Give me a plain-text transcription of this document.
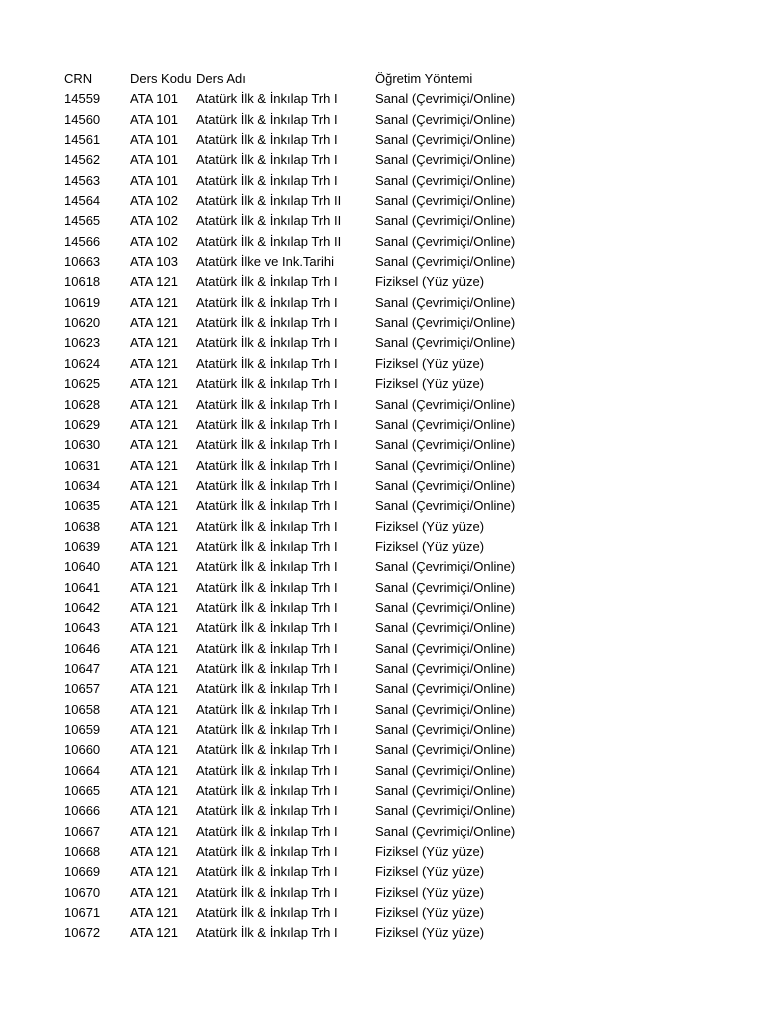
CRN	Ders Kodu Ders Adı	Öğretim Yöntemi
14559 ATA 101 Atatürk İlk & İnkılap Trh I	Sanal (Çevrimiçi/Online)
14560 ATA 101 Atatürk İlk & İnkılap Trh I	Sanal (Çevrimiçi/Online)
14561 ATA 101 Atatürk İlk & İnkılap Trh I	Sanal (Çevrimiçi/Online)
14562 ATA 101 Atatürk İlk & İnkılap Trh I	Sanal (Çevrimiçi/Online)
14563 ATA 101 Atatürk İlk & İnkılap Trh I	Sanal (Çevrimiçi/Online)
14564 ATA 102 Atatürk İlk & İnkılap Trh II	Sanal (Çevrimiçi/Online)
14565 ATA 102 Atatürk İlk & İnkılap Trh II	Sanal (Çevrimiçi/Online)
14566 ATA 102 Atatürk İlk & İnkılap Trh II	Sanal (Çevrimiçi/Online)
10663 ATA 103 Atatürk İlke ve Ink.Tarihi	Sanal (Çevrimiçi/Online)
10618 ATA 121 Atatürk İlk & İnkılap Trh I	Fiziksel (Yüz yüze)
10619 ATA 121 Atatürk İlk & İnkılap Trh I	Sanal (Çevrimiçi/Online)
10620 ATA 121 Atatürk İlk & İnkılap Trh I	Sanal (Çevrimiçi/Online)
10623 ATA 121 Atatürk İlk & İnkılap Trh I	Sanal (Çevrimiçi/Online)
10624 ATA 121 Atatürk İlk & İnkılap Trh I	Fiziksel (Yüz yüze)
10625 ATA 121 Atatürk İlk & İnkılap Trh I	Fiziksel (Yüz yüze)
10628 ATA 121 Atatürk İlk & İnkılap Trh I	Sanal (Çevrimiçi/Online)
10629 ATA 121 Atatürk İlk & İnkılap Trh I	Sanal (Çevrimiçi/Online)
10630 ATA 121 Atatürk İlk & İnkılap Trh I	Sanal (Çevrimiçi/Online)
10631 ATA 121 Atatürk İlk & İnkılap Trh I	Sanal (Çevrimiçi/Online)
10634 ATA 121 Atatürk İlk & İnkılap Trh I	Sanal (Çevrimiçi/Online)
10635 ATA 121 Atatürk İlk & İnkılap Trh I	Sanal (Çevrimiçi/Online)
10638 ATA 121 Atatürk İlk & İnkılap Trh I	Fiziksel (Yüz yüze)
10639 ATA 121 Atatürk İlk & İnkılap Trh I	Fiziksel (Yüz yüze)
10640 ATA 121 Atatürk İlk & İnkılap Trh I	Sanal (Çevrimiçi/Online)
10641 ATA 121 Atatürk İlk & İnkılap Trh I	Sanal (Çevrimiçi/Online)
10642 ATA 121 Atatürk İlk & İnkılap Trh I	Sanal (Çevrimiçi/Online)
10643 ATA 121 Atatürk İlk & İnkılap Trh I	Sanal (Çevrimiçi/Online)
10646 ATA 121 Atatürk İlk & İnkılap Trh I	Sanal (Çevrimiçi/Online)
10647 ATA 121 Atatürk İlk & İnkılap Trh I	Sanal (Çevrimiçi/Online)
10657 ATA 121 Atatürk İlk & İnkılap Trh I	Sanal (Çevrimiçi/Online)
10658 ATA 121 Atatürk İlk & İnkılap Trh I	Sanal (Çevrimiçi/Online)
10659 ATA 121 Atatürk İlk & İnkılap Trh I	Sanal (Çevrimiçi/Online)
10660 ATA 121 Atatürk İlk & İnkılap Trh I	Sanal (Çevrimiçi/Online)
10664 ATA 121 Atatürk İlk & İnkılap Trh I	Sanal (Çevrimiçi/Online)
10665 ATA 121 Atatürk İlk & İnkılap Trh I	Sanal (Çevrimiçi/Online)
10666 ATA 121 Atatürk İlk & İnkılap Trh I	Sanal (Çevrimiçi/Online)
10667 ATA 121 Atatürk İlk & İnkılap Trh I	Sanal (Çevrimiçi/Online)
10668 ATA 121 Atatürk İlk & İnkılap Trh I	Fiziksel (Yüz yüze)
10669 ATA 121 Atatürk İlk & İnkılap Trh I	Fiziksel (Yüz yüze)
10670 ATA 121 Atatürk İlk & İnkılap Trh I	Fiziksel (Yüz yüze)
10671 ATA 121 Atatürk İlk & İnkılap Trh I	Fiziksel (Yüz yüze)
10672 ATA 121 Atatürk İlk & İnkılap Trh I	Fiziksel (Yüz yüze)
